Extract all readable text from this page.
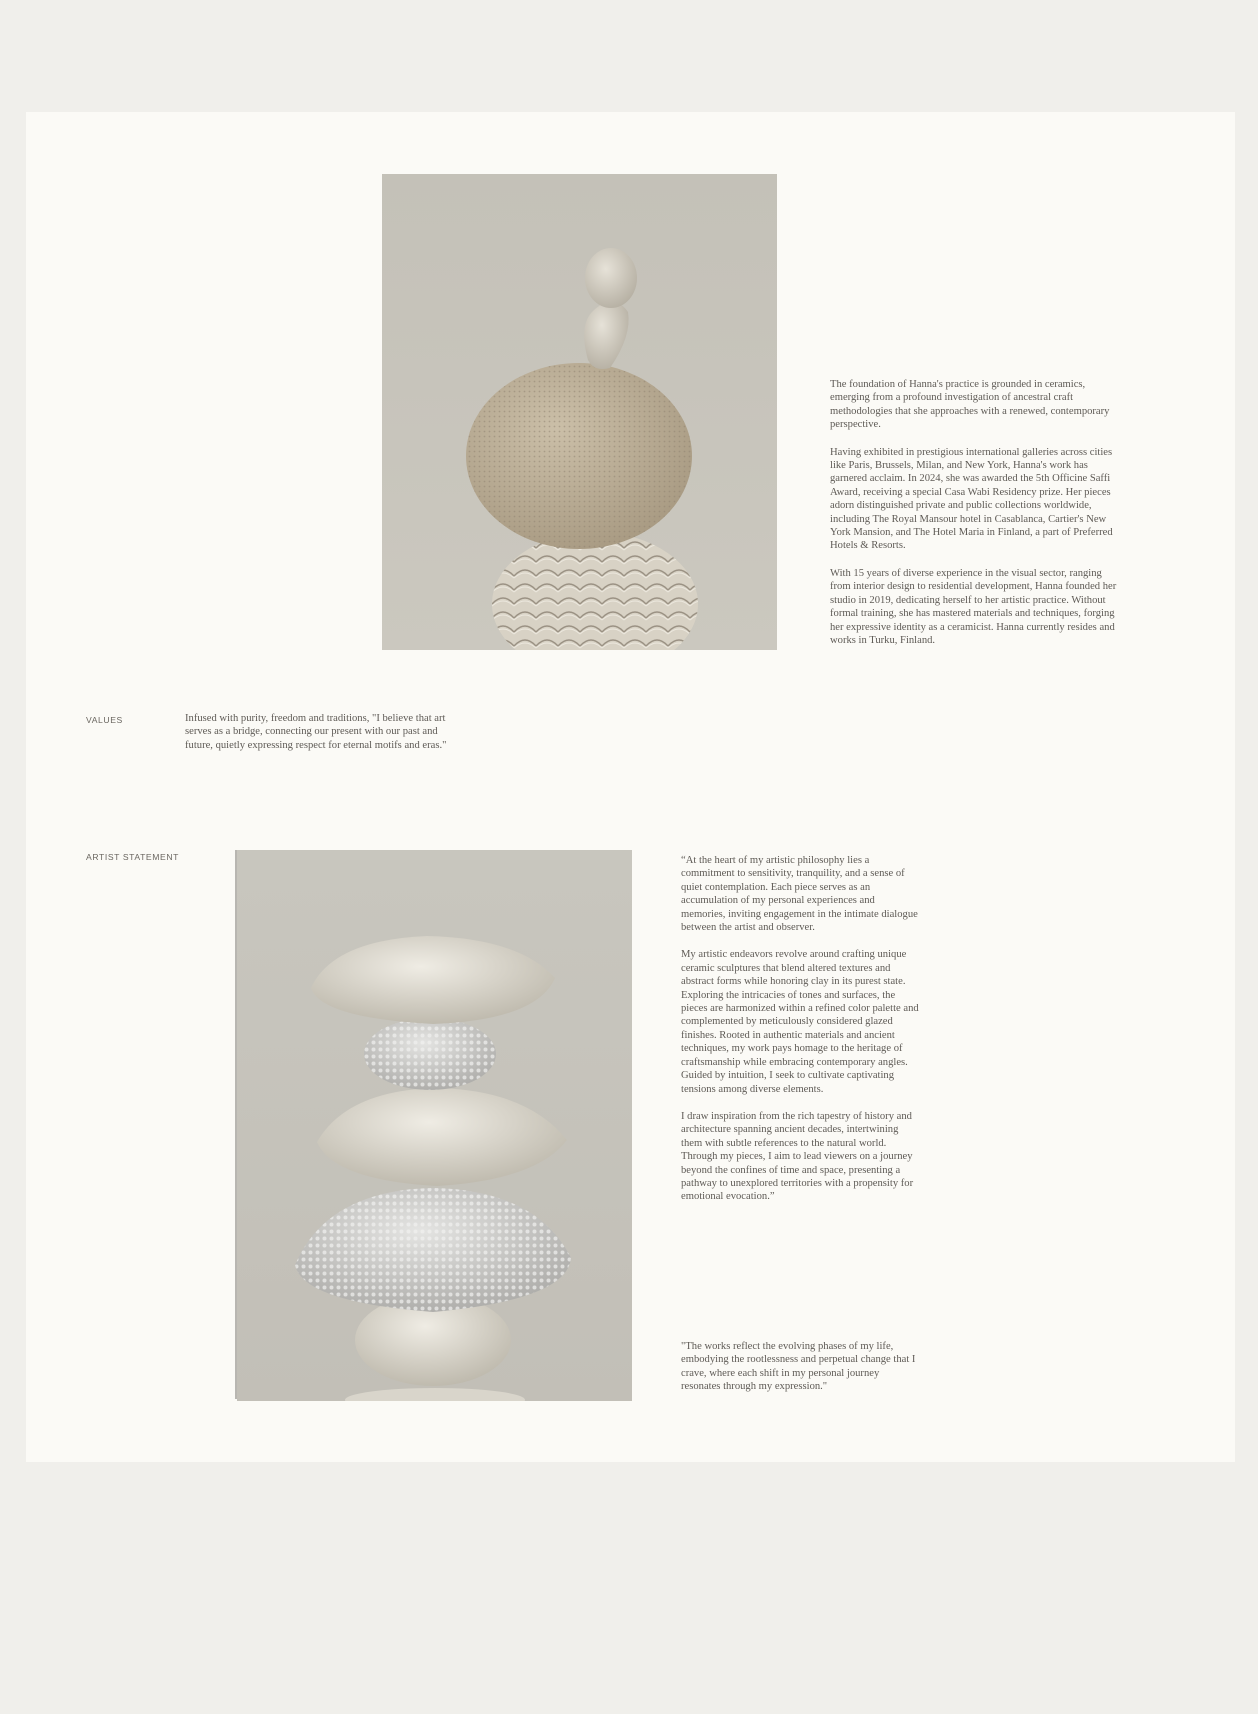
The foundation of Hanna's practice is grounded in ceramics, emerging from a profound investigation of ancestral craft methodologies that she approaches with a renewed, contemporary perspective.

Having exhibited in prestigious international galleries across cities like Paris, Brussels, Milan, and New York, Hanna's work has garnered acclaim. In 2024, she was awarded the 5th Officine Saffi Award, receiving a special Casa Wabi Residency prize. Her pieces adorn distinguished private and public collections worldwide, including The Royal Mansour hotel in Casablanca, Cartier's New York Mansion, and The Hotel Maria in Finland, a part of Preferred Hotels & Resorts.

With 15 years of diverse experience in the visual sector, ranging from interior design to residential development, Hanna founded her studio in 2019, dedicating herself to her artistic practice. Without formal training, she has mastered materials and techniques, forging her expressive identity as a ceramicist. Hanna currently resides and works in Turku, Finland.

VALUES	Infused with purity, freedom and traditions, "I believe that art serves as a bridge, connecting our present with our past and future, quietly expressing respect for eternal motifs and eras."

ARTIST STATEMENT	“At the heart of my artistic philosophy lies a commitment to sensitivity, tranquility, and a sense of quiet contemplation. Each piece serves as an accumulation of my personal experiences and memories, inviting engagement in the intimate dialogue between the artist and observer.

My artistic endeavors revolve around crafting unique ceramic sculptures that blend altered textures and abstract forms while honoring clay in its purest state. Exploring the intricacies of tones and surfaces, the pieces are harmonized within a refined color palette and complemented by meticulously considered glazed finishes. Rooted in authentic materials and ancient techniques, my work pays homage to the heritage of craftsmanship while embracing contemporary angles. Guided by intuition, I seek to cultivate captivating tensions among diverse elements.

I draw inspiration from the rich tapestry of history and architecture spanning ancient decades, intertwining them with subtle references to the natural world. Through my pieces, I aim to lead viewers on a journey beyond the confines of time and space, presenting a pathway to unexplored territories with a propensity for emotional evocation.”

"The works reflect the evolving phases of my life, embodying the rootlessness and perpetual change that I crave, where each shift in my personal journey resonates through my expression."
